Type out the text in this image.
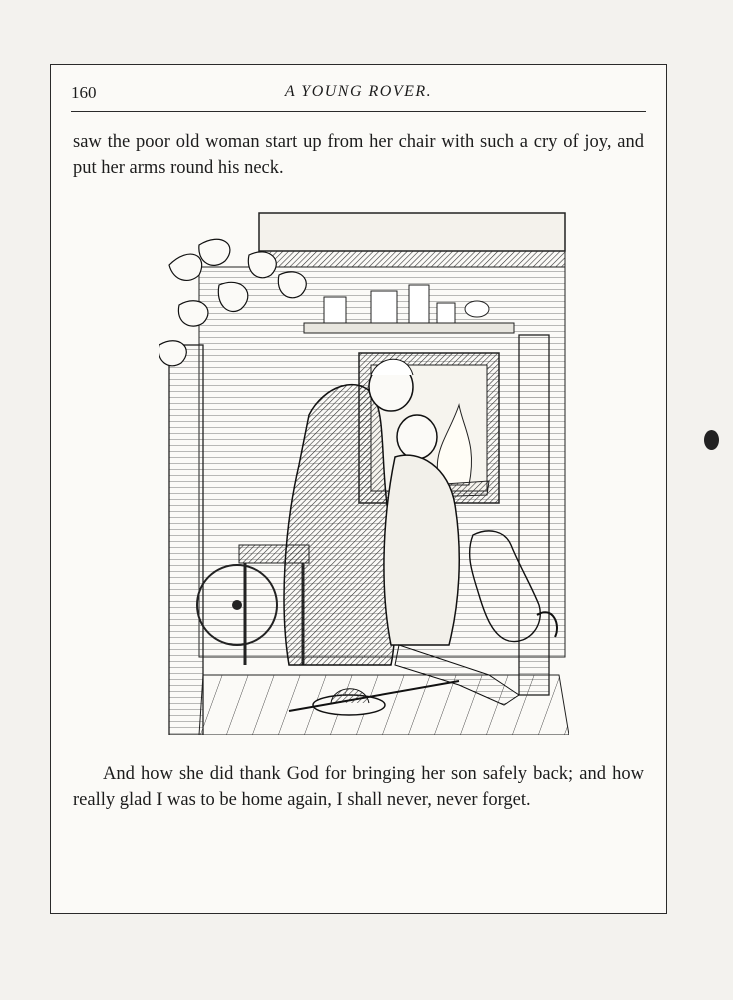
160	A YOUNG ROVER.
saw the poor old woman start up from her chair with such a cry of joy, and put her arms round his neck.
And how she did thank God for bringing her son safely back; and how really glad I was to be home again, I shall never, never forget.
